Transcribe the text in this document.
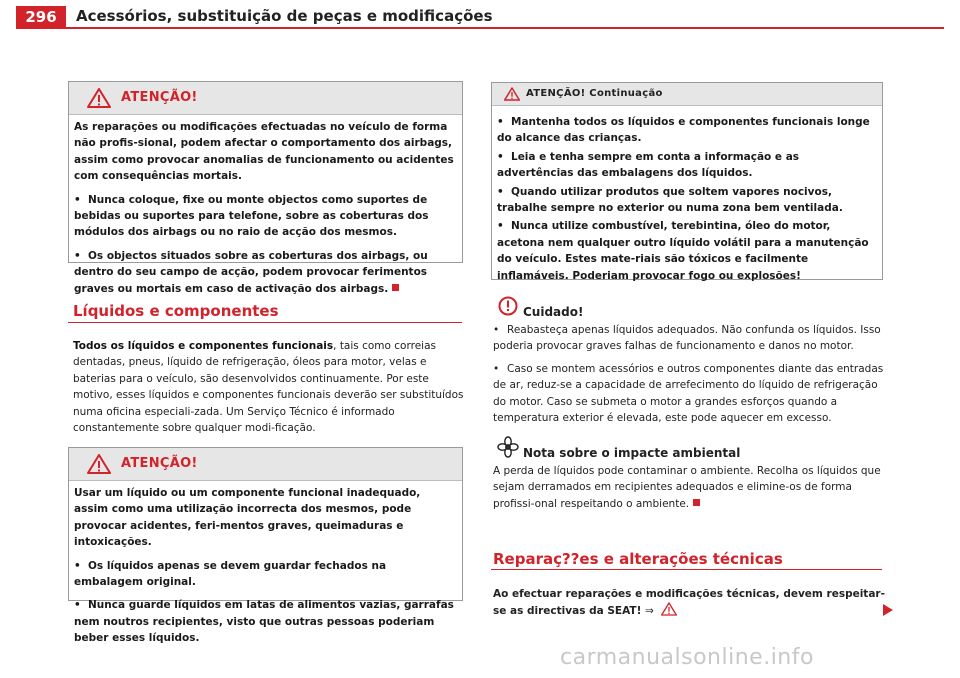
296	Acessórios, substituição de peças e modificações
ATENÇÃO!

As reparações ou modificações efectuadas no veículo de forma não profis-sional, podem afectar o comportamento dos airbags, assim como provocar anomalias de funcionamento ou acidentes com consequências mortais.

• Nunca coloque, fixe ou monte objectos como suportes de bebidas ou suportes para telefone, sobre as coberturas dos módulos dos airbags ou no raio de acção dos mesmos.

• Os objectos situados sobre as coberturas dos airbags, ou dentro do seu campo de acção, podem provocar ferimentos graves ou mortais em caso de activação dos airbags.

Líquidos e componentes

Todos os líquidos e componentes funcionais, tais como correias dentadas, pneus, líquido de refrigeração, óleos para motor, velas e baterias para o veículo, são desenvolvidos continuamente. Por este motivo, esses líquidos e componentes funcionais deverão ser substituídos numa oficina especiali-zada. Um Serviço Técnico é informado constantemente sobre qualquer modi-ficação.

ATENÇÃO!

Usar um líquido ou um componente funcional inadequado, assim como uma utilização incorrecta dos mesmos, pode provocar acidentes, feri-mentos graves, queimaduras e intoxicações.

• Os líquidos apenas se devem guardar fechados na embalagem original.

• Nunca guarde líquidos em latas de alimentos vazias, garrafas nem noutros recipientes, visto que outras pessoas poderiam beber esses líquidos.

ATENÇÃO! Continuação

• Mantenha todos os líquidos e componentes funcionais longe do alcance das crianças.

• Leia e tenha sempre em conta a informação e as advertências das embalagens dos líquidos.

• Quando utilizar produtos que soltem vapores nocivos, trabalhe sempre no exterior ou numa zona bem ventilada.

• Nunca utilize combustível, terebintina, óleo do motor, acetona nem qualquer outro líquido volátil para a manutenção do veículo. Estes mate-riais são tóxicos e facilmente inflamáveis. Poderiam provocar fogo ou explosões!

Cuidado!

• Reabasteça apenas líquidos adequados. Não confunda os líquidos. Isso poderia provocar graves falhas de funcionamento e danos no motor.

• Caso se montem acessórios e outros componentes diante das entradas de ar, reduz-se a capacidade de arrefecimento do líquido de refrigeração do motor. Caso se submeta o motor a grandes esforços quando a temperatura exterior é elevada, este pode aquecer em excesso.

Nota sobre o impacte ambiental

A perda de líquidos pode contaminar o ambiente. Recolha os líquidos que sejam derramados em recipientes adequados e elimine-os de forma profissi-onal respeitando o ambiente.

Reparaç??es e alterações técnicas

Ao efectuar reparações e modificações técnicas, devem respeitar-se as directivas da SEAT! ⇒

carmanualsonline.info
